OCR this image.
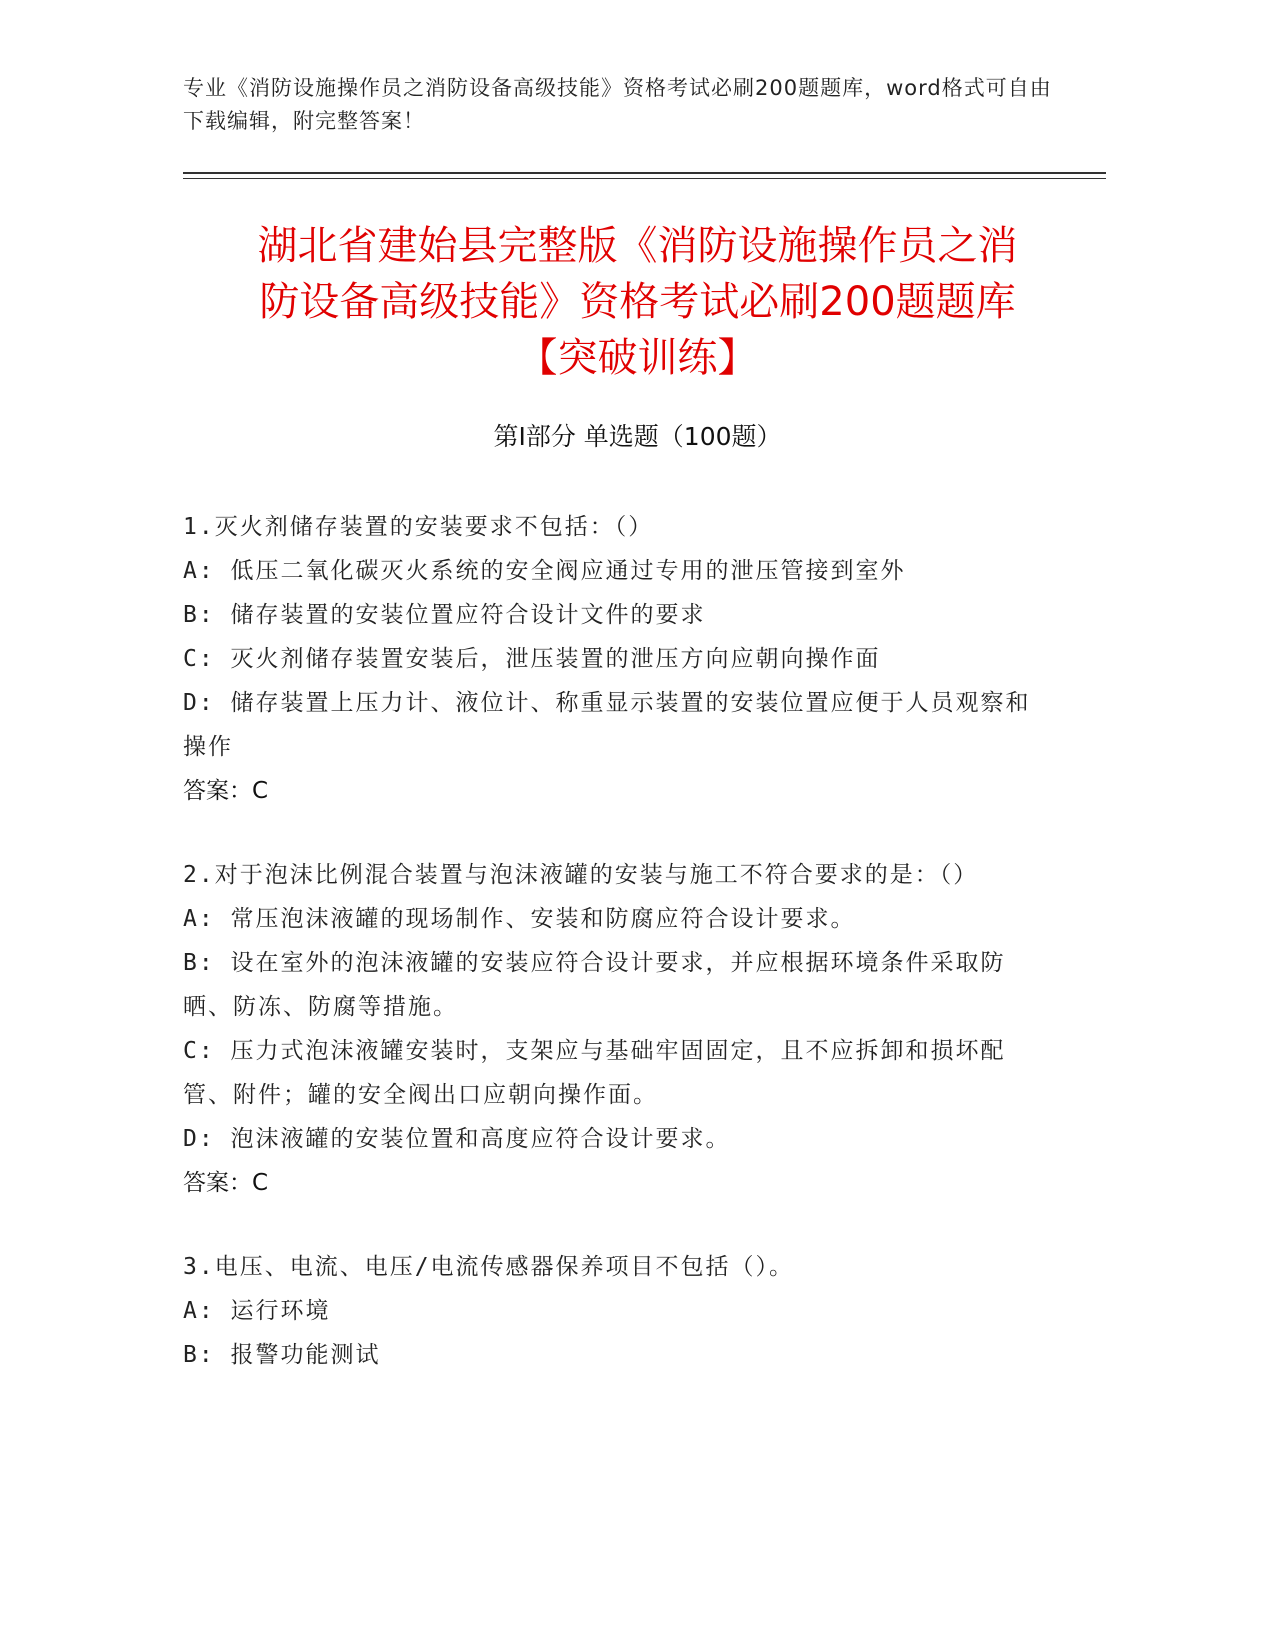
专业《消防设施操作员之消防设备高级技能》资格考试必刷200题题库，word格式可自由下载编辑，附完整答案！
湖北省建始县完整版《消防设施操作员之消
防设备高级技能》资格考试必刷200题题库
【突破训练】
第Ⅰ部分 单选题（100题）
1.灭火剂储存装置的安装要求不包括：（）
A: 低压二氧化碳灭火系统的安全阀应通过专用的泄压管接到室外
B: 储存装置的安装位置应符合设计文件的要求
C: 灭火剂储存装置安装后，泄压装置的泄压方向应朝向操作面
D: 储存装置上压力计、液位计、称重显示装置的安装位置应便于人员观察和操作
答案：C
2.对于泡沫比例混合装置与泡沫液罐的安装与施工不符合要求的是：（）
A: 常压泡沫液罐的现场制作、安装和防腐应符合设计要求。
B: 设在室外的泡沫液罐的安装应符合设计要求，并应根据环境条件采取防晒、防冻、防腐等措施。
C: 压力式泡沫液罐安装时，支架应与基础牢固固定，且不应拆卸和损坏配管、附件；罐的安全阀出口应朝向操作面。
D: 泡沫液罐的安装位置和高度应符合设计要求。
答案：C
3.电压、电流、电压/电流传感器保养项目不包括（）。
A: 运行环境
B: 报警功能测试
